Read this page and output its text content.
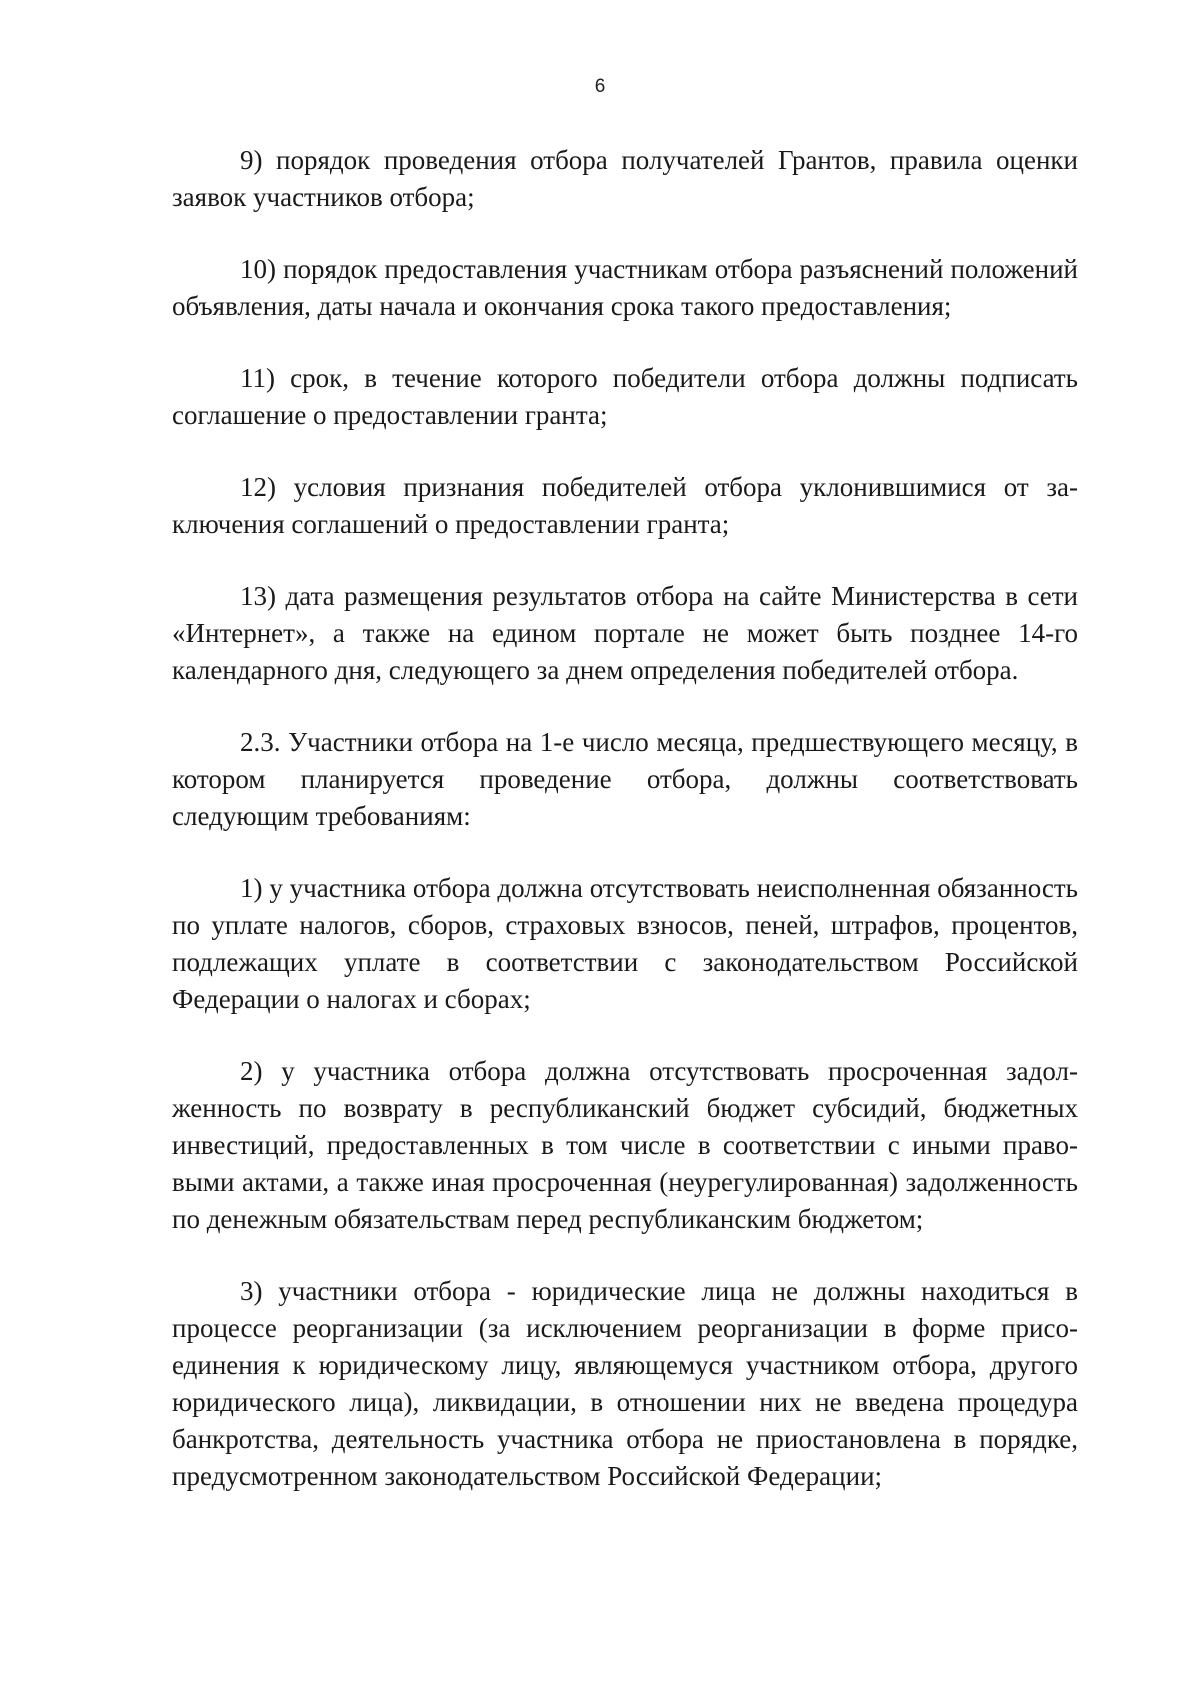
6

9) порядок проведения отбора получателей Грантов, правила оценки заявок участников отбора;

10) порядок предоставления участникам отбора разъяснений положений объявления, даты начала и окончания срока такого предоставления;

11) срок, в течение которого победители отбора должны подписать соглашение о предоставлении гранта;

12) условия признания победителей отбора уклонившимися от заключения соглашений о предоставлении гранта;

13) дата размещения результатов отбора на сайте Министерства в сети «Интернет», а также на едином портале не может быть позднее 14-го календарного дня, следующего за днем определения победителей отбора.

2.3. Участники отбора на 1-е число месяца, предшествующего месяцу, в котором планируется проведение отбора, должны соответствовать следующим требованиям:

1) у участника отбора должна отсутствовать неисполненная обязанность по уплате налогов, сборов, страховых взносов, пеней, штрафов, процентов, подлежащих уплате в соответствии с законодательством Российской Федерации о налогах и сборах;

2) у участника отбора должна отсутствовать просроченная задолженность по возврату в республиканский бюджет субсидий, бюджетных инвестиций, предоставленных в том числе в соответствии с иными правовыми актами, а также иная просроченная (неурегулированная) задолженность по денежным обязательствам перед республиканским бюджетом;

3) участники отбора - юридические лица не должны находиться в процессе реорганизации (за исключением реорганизации в форме присоединения к юридическому лицу, являющемуся участником отбора, другого юридического лица), ликвидации, в отношении них не введена процедура банкротства, деятельность участника отбора не приостановлена в порядке, предусмотренном законодательством Российской Федерации;
